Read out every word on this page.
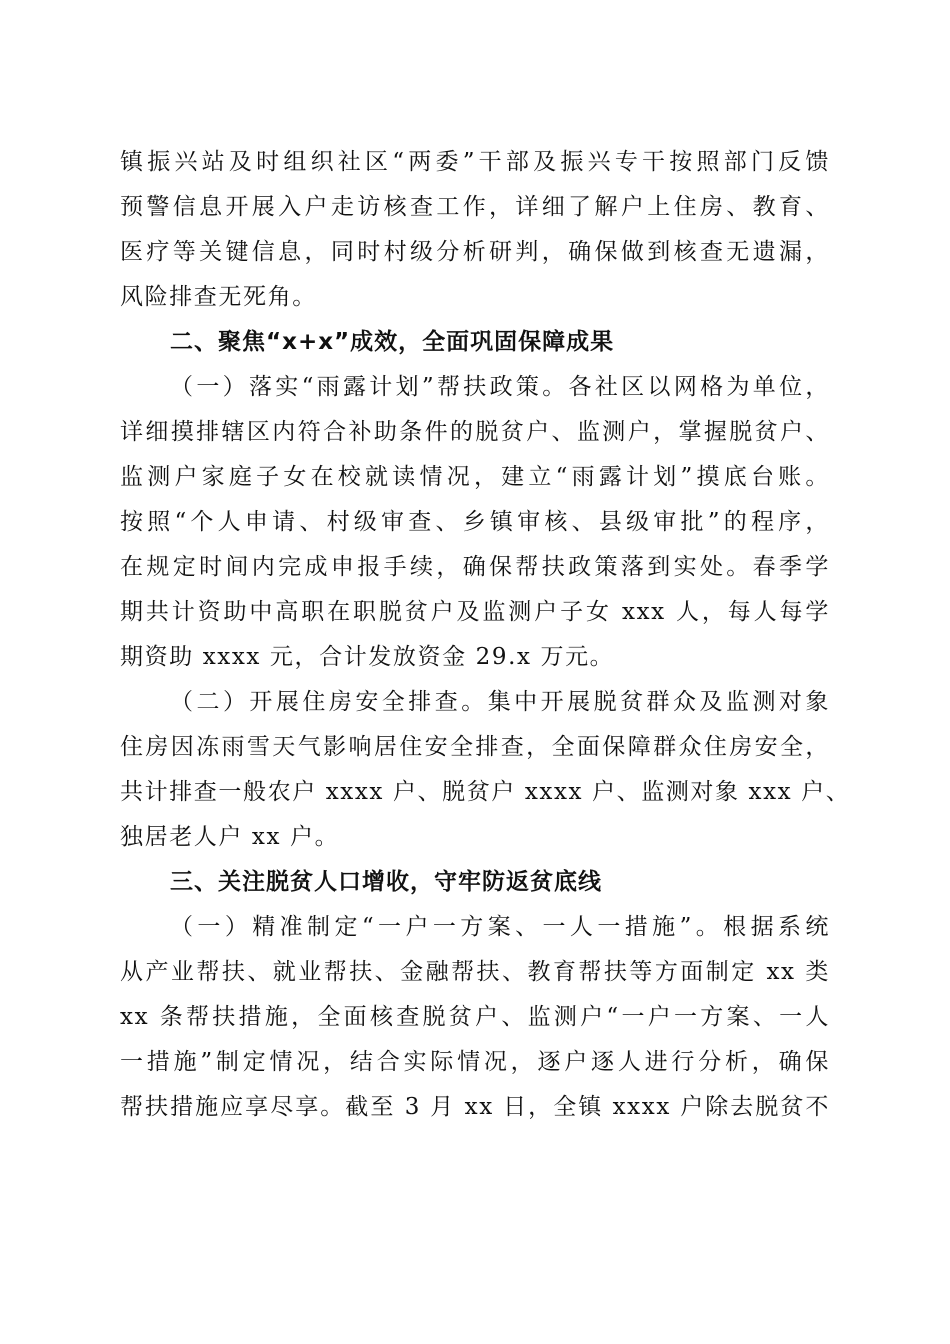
镇振兴站及时组织社区“两委”干部及振兴专干按照部门反馈
预警信息开展入户走访核查工作，详细了解户上住房、教育、
医疗等关键信息，同时村级分析研判，确保做到核查无遗漏，
风险排查无死角。
二、聚焦“x+x”成效，全面巩固保障成果
（一）落实“雨露计划”帮扶政策。各社区以网格为单位，
详细摸排辖区内符合补助条件的脱贫户、监测户，掌握脱贫户、
监测户家庭子女在校就读情况，建立“雨露计划”摸底台账。
按照“个人申请、村级审查、乡镇审核、县级审批”的程序，
在规定时间内完成申报手续，确保帮扶政策落到实处。春季学
期共计资助中高职在职脱贫户及监测户子女 xxx 人，每人每学
期资助 xxxx 元，合计发放资金 29.x 万元。
（二）开展住房安全排查。集中开展脱贫群众及监测对象
住房因冻雨雪天气影响居住安全排查，全面保障群众住房安全，
共计排查一般农户 xxxx 户、脱贫户 xxxx 户、监测对象 xxx 户、
独居老人户 xx 户。
三、关注脱贫人口增收，守牢防返贫底线
（一）精准制定“一户一方案、一人一措施”。根据系统
从产业帮扶、就业帮扶、金融帮扶、教育帮扶等方面制定 xx 类
xx 条帮扶措施，全面核查脱贫户、监测户“一户一方案、一人
一措施”制定情况，结合实际情况，逐户逐人进行分析，确保
帮扶措施应享尽享。截至 3 月 xx 日，全镇 xxxx 户除去脱贫不
